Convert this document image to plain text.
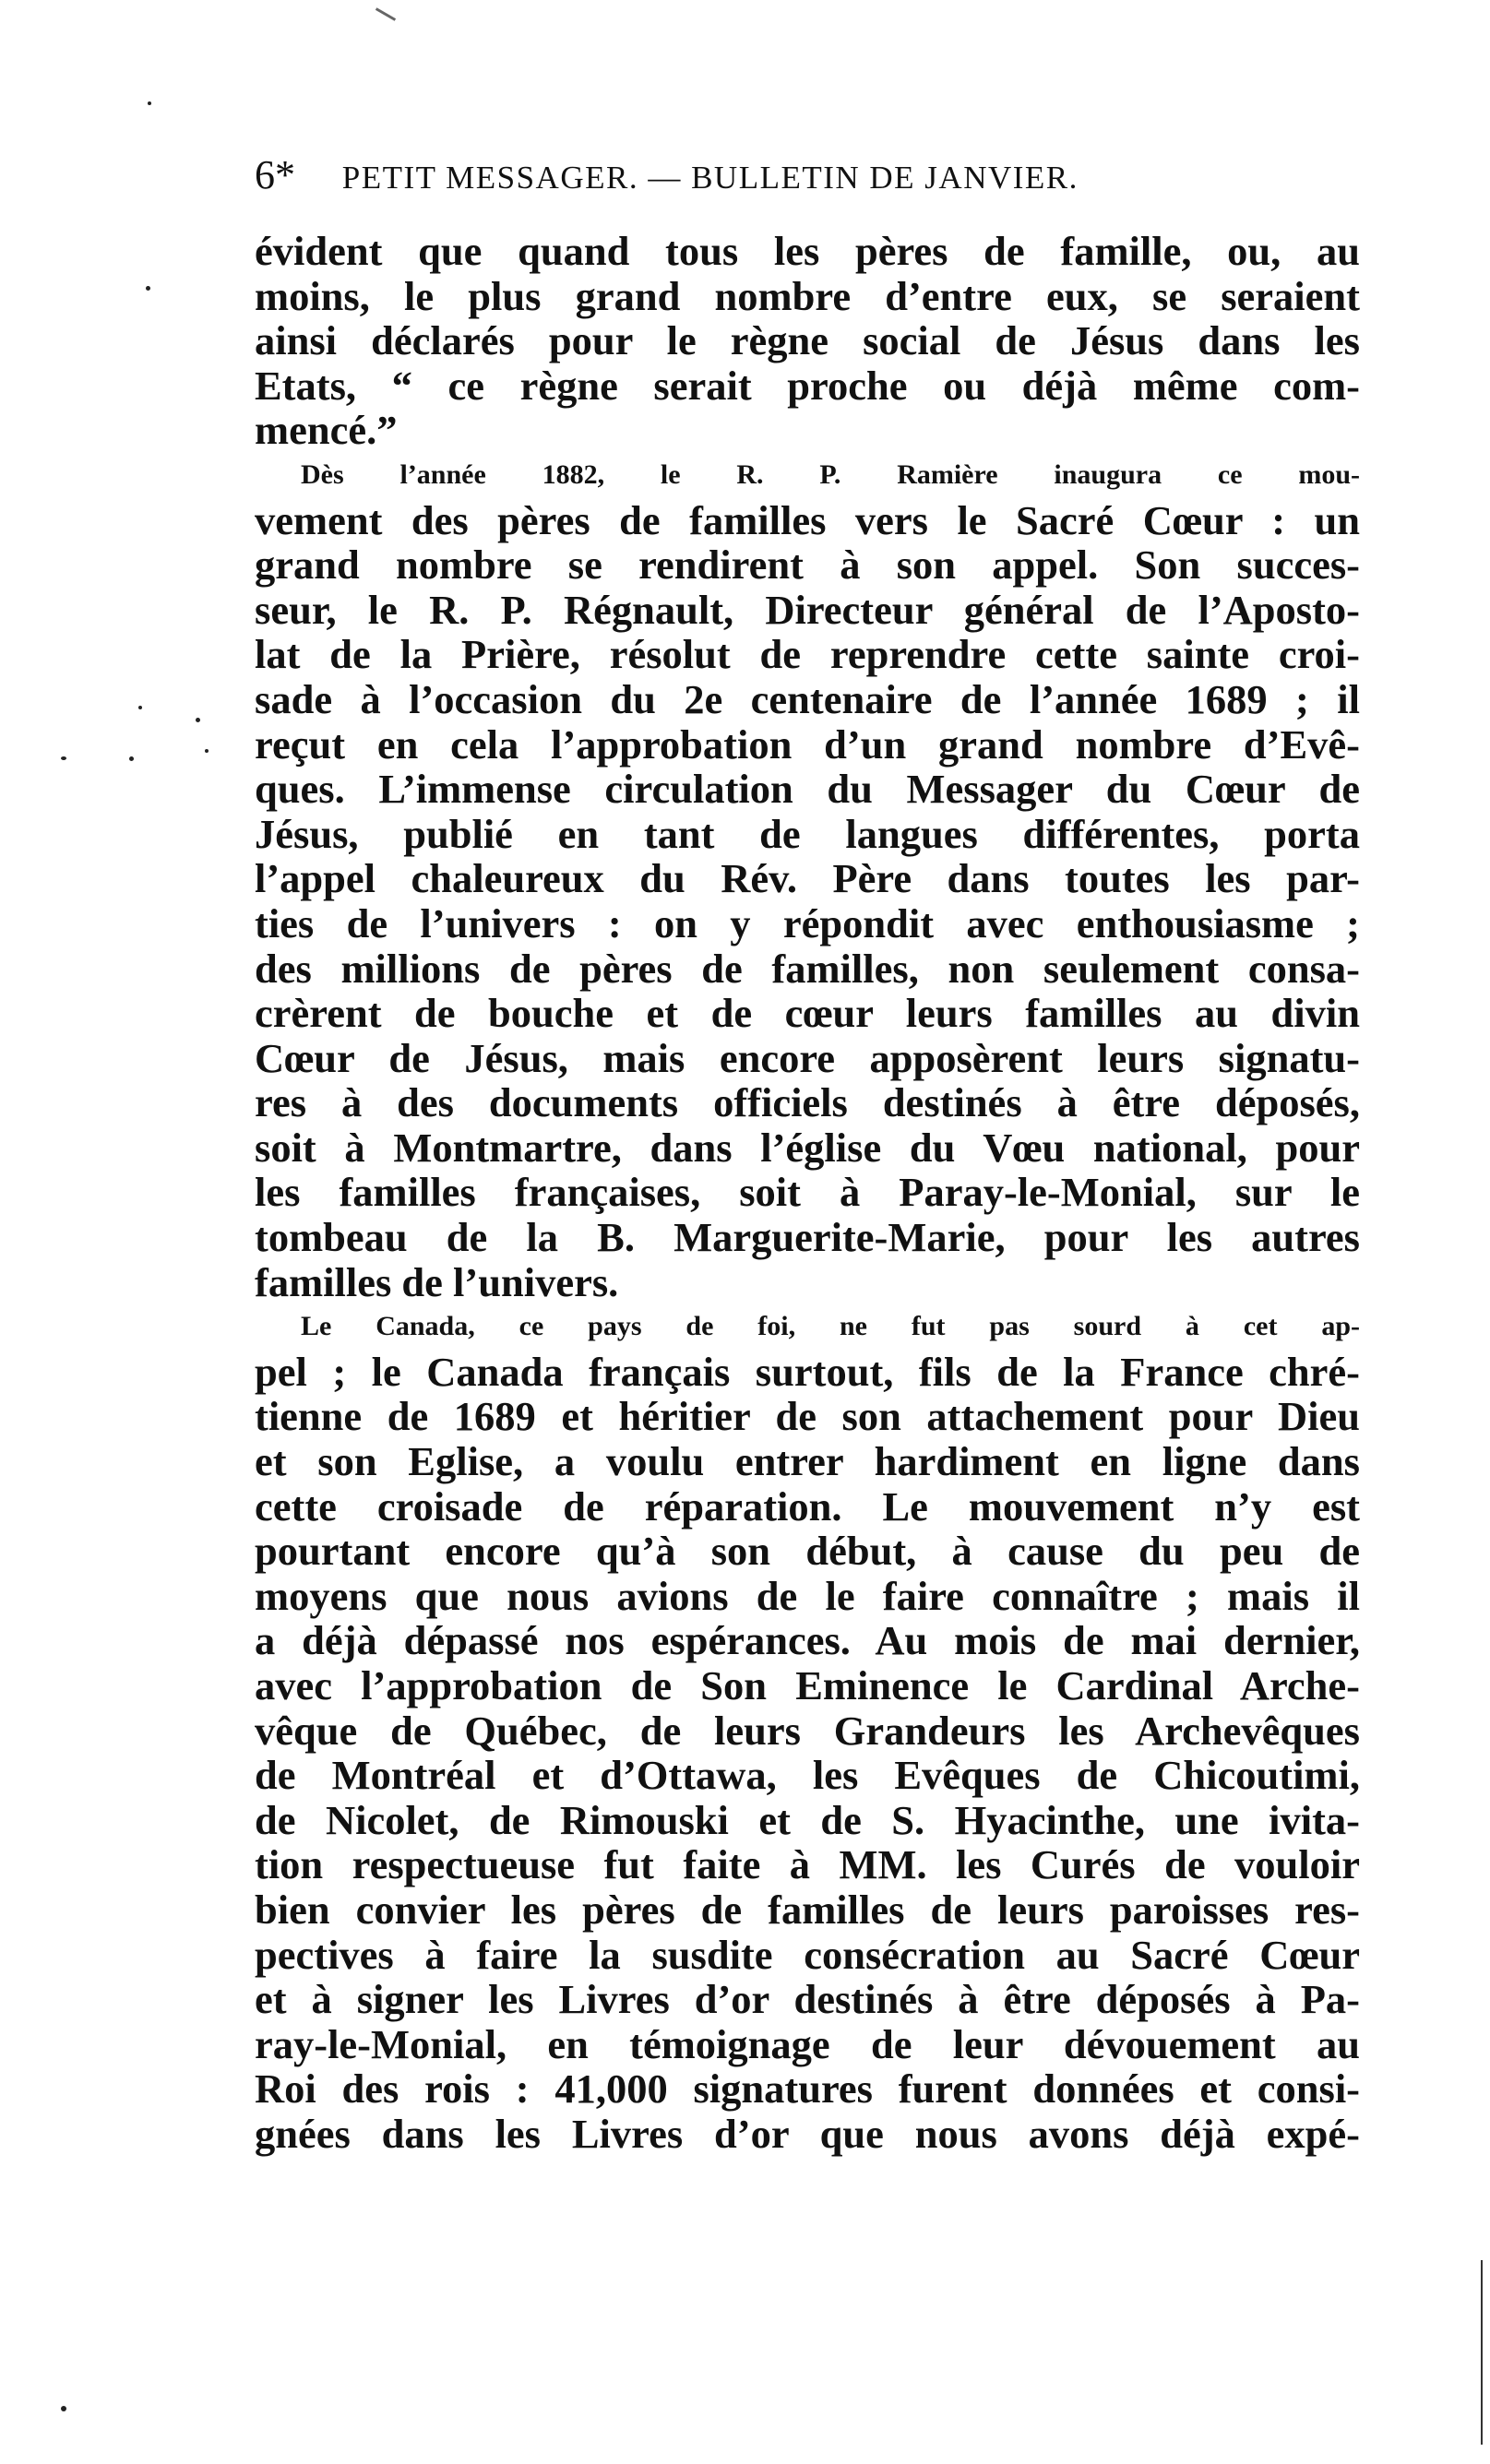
6* PETIT MESSAGER. — BULLETIN DE JANVIER.
évident que quand tous les pères de famille, ou, au
moins, le plus grand nombre d’entre eux, se seraient
ainsi déclarés pour le règne social de Jésus dans les
Etats, “ ce règne serait proche ou déjà même com-
mencé.”
Dès l’année 1882, le R. P. Ramière inaugura ce mou-
vement des pères de familles vers le Sacré Cœur : un
grand nombre se rendirent à son appel. Son succes-
seur, le R. P. Régnault, Directeur général de l’Aposto-
lat de la Prière, résolut de reprendre cette sainte croi-
sade à l’occasion du 2e centenaire de l’année 1689 ; il
reçut en cela l’approbation d’un grand nombre d’Evê-
ques. L’immense circulation du Messager du Cœur de
Jésus, publié en tant de langues différentes, porta
l’appel chaleureux du Rév. Père dans toutes les par-
ties de l’univers : on y répondit avec enthousiasme ;
des millions de pères de familles, non seulement consa-
crèrent de bouche et de cœur leurs familles au divin
Cœur de Jésus, mais encore apposèrent leurs signatu-
res à des documents officiels destinés à être déposés,
soit à Montmartre, dans l’église du Vœu national, pour
les familles françaises, soit à Paray-le-Monial, sur le
tombeau de la B. Marguerite-Marie, pour les autres
familles de l’univers.
Le Canada, ce pays de foi, ne fut pas sourd à cet ap-
pel ; le Canada français surtout, fils de la France chré-
tienne de 1689 et héritier de son attachement pour Dieu
et son Eglise, a voulu entrer hardiment en ligne dans
cette croisade de réparation. Le mouvement n’y est
pourtant encore qu’à son début, à cause du peu de
moyens que nous avions de le faire connaître ; mais il
a déjà dépassé nos espérances. Au mois de mai dernier,
avec l’approbation de Son Eminence le Cardinal Arche-
vêque de Québec, de leurs Grandeurs les Archevêques
de Montréal et d’Ottawa, les Evêques de Chicoutimi,
de Nicolet, de Rimouski et de S. Hyacinthe, une ivita-
tion respectueuse fut faite à MM. les Curés de vouloir
bien convier les pères de familles de leurs paroisses res-
pectives à faire la susdite consécration au Sacré Cœur
et à signer les Livres d’or destinés à être déposés à Pa-
ray-le-Monial, en témoignage de leur dévouement au
Roi des rois : 41,000 signatures furent données et consi-
gnées dans les Livres d’or que nous avons déjà expé-
